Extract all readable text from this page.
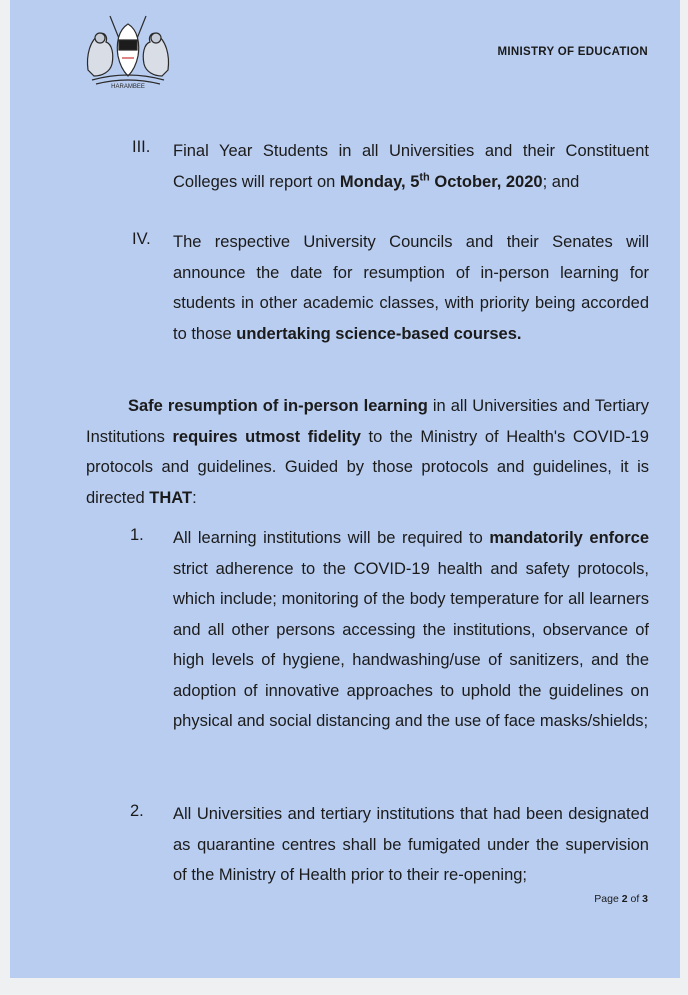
HARAMBEE
MINISTRY OF EDUCATION
III. Final Year Students in all Universities and their Constituent Colleges will report on Monday, 5th October, 2020; and
IV. The respective University Councils and their Senates will announce the date for resumption of in-person learning for students in other academic classes, with priority being accorded to those undertaking science-based courses.
Safe resumption of in-person learning in all Universities and Tertiary Institutions requires utmost fidelity to the Ministry of Health's COVID-19 protocols and guidelines. Guided by those protocols and guidelines, it is directed THAT:
1. All learning institutions will be required to mandatorily enforce strict adherence to the COVID-19 health and safety protocols, which include; monitoring of the body temperature for all learners and all other persons accessing the institutions, observance of high levels of hygiene, handwashing/use of sanitizers, and the adoption of innovative approaches to uphold the guidelines on physical and social distancing and the use of face masks/shields;
2. All Universities and tertiary institutions that had been designated as quarantine centres shall be fumigated under the supervision of the Ministry of Health prior to their re-opening;
Page 2 of 3
